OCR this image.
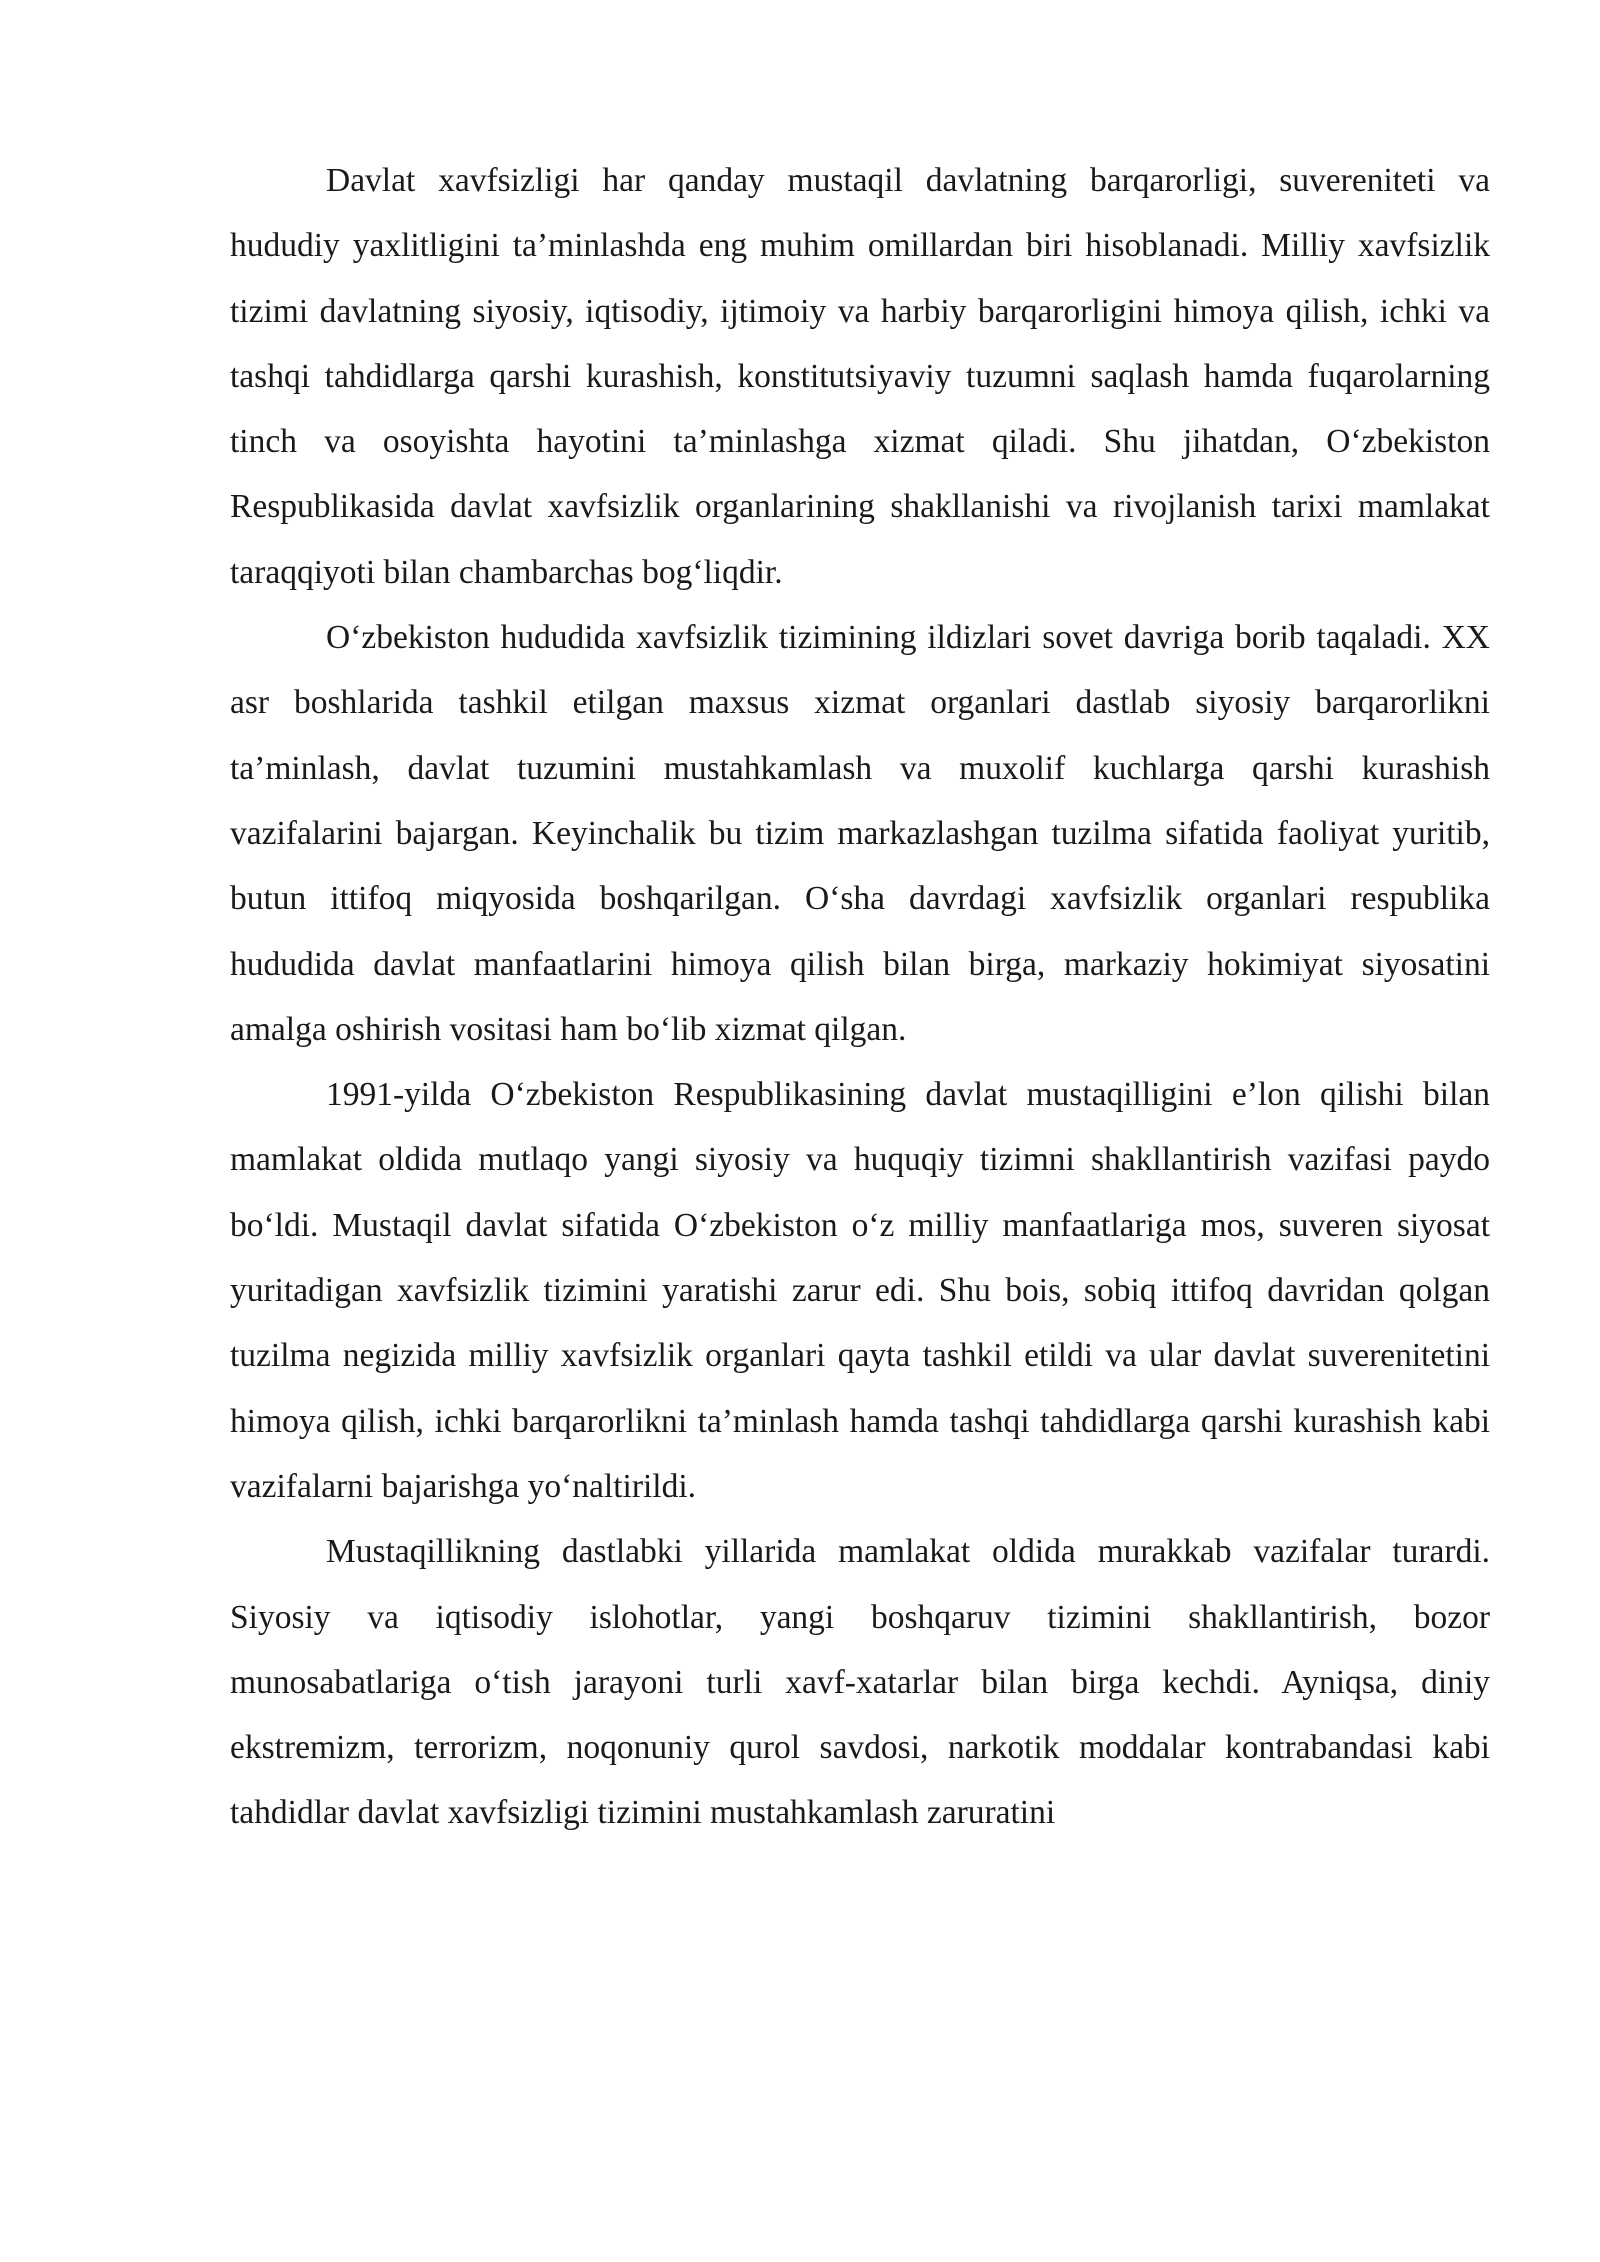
Davlat xavfsizligi har qanday mustaqil davlatning barqarorligi, suvereniteti va hududiy yaxlitligini ta’minlashda eng muhim omillardan biri hisoblanadi. Milliy xavfsizlik tizimi davlatning siyosiy, iqtisodiy, ijtimoiy va harbiy barqarorligini himoya qilish, ichki va tashqi tahdidlarga qarshi kurashish, konstitutsiyaviy tuzumni saqlash hamda fuqarolarning tinch va osoyishta hayotini ta’minlashga xizmat qiladi. Shu jihatdan, O‘zbekiston Respublikasida davlat xavfsizlik organlarining shakllanishi va rivojlanish tarixi mamlakat taraqqiyoti bilan chambarchas bog‘liqdir.

O‘zbekiston hududida xavfsizlik tizimining ildizlari sovet davriga borib taqaladi. XX asr boshlarida tashkil etilgan maxsus xizmat organlari dastlab siyosiy barqarorlikni ta’minlash, davlat tuzumini mustahkamlash va muxolif kuchlarga qarshi kurashish vazifalarini bajargan. Keyinchalik bu tizim markazlashgan tuzilma sifatida faoliyat yuritib, butun ittifoq miqyosida boshqarilgan. O‘sha davrdagi xavfsizlik organlari respublika hududida davlat manfaatlarini himoya qilish bilan birga, markaziy hokimiyat siyosatini amalga oshirish vositasi ham bo‘lib xizmat qilgan.

1991-yilda O‘zbekiston Respublikasining davlat mustaqilligini e’lon qilishi bilan mamlakat oldida mutlaqo yangi siyosiy va huquqiy tizimni shakllantirish vazifasi paydo bo‘ldi. Mustaqil davlat sifatida O‘zbekiston o‘z milliy manfaatlariga mos, suveren siyosat yuritadigan xavfsizlik tizimini yaratishi zarur edi. Shu bois, sobiq ittifoq davridan qolgan tuzilma negizida milliy xavfsizlik organlari qayta tashkil etildi va ular davlat suverenitetini himoya qilish, ichki barqarorlikni ta’minlash hamda tashqi tahdidlarga qarshi kurashish kabi vazifalarni bajarishga yo‘naltirildi.

Mustaqillikning dastlabki yillarida mamlakat oldida murakkab vazifalar turardi. Siyosiy va iqtisodiy islohotlar, yangi boshqaruv tizimini shakllantirish, bozor munosabatlariga o‘tish jarayoni turli xavf-xatarlar bilan birga kechdi. Ayniqsa, diniy ekstremizm, terrorizm, noqonuniy qurol savdosi, narkotik moddalar kontrabandasi kabi tahdidlar davlat xavfsizligi tizimini mustahkamlash zaruratini
